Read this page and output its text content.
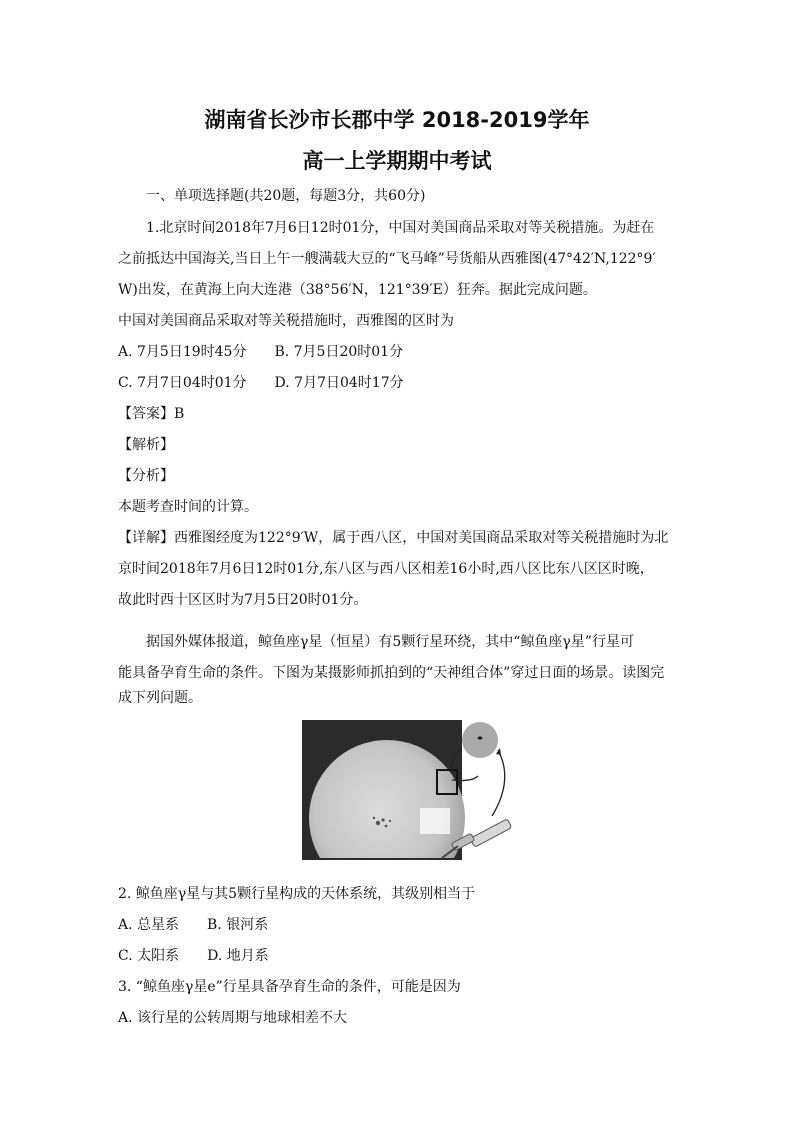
湖南省长沙市长郡中学 2018-2019学年
高一上学期期中考试
一、单项选择题(共20题，每题3分，共60分)
1.北京时间2018年7月6日12时01分，中国对美国商品采取对等关税措施。为赶在
之前抵达中国海关,当日上午一艘满载大豆的“飞马峰”号货船从西雅图(47°42′N,122°9′
W)出发，在黄海上向大连港（38°56′N，121°39′E）狂奔。据此完成问题。
中国对美国商品采取对等关税措施时，西雅图的区时为
A. 7月5日19时45分　　B. 7月5日20时01分
C. 7月7日04时01分　　D. 7月7日04时17分
【答案】B
【解析】
【分析】
本题考查时间的计算。
【详解】西雅图经度为122°9′W，属于西八区，中国对美国商品采取对等关税措施时为北
京时间2018年7月6日12时01分,东八区与西八区相差16小时,西八区比东八区区时晚，
故此时西十区区时为7月5日20时01分。
据国外媒体报道，鲸鱼座γ星（恒星）有5颗行星环绕，其中“鲸鱼座γ星”行星可
能具备孕育生命的条件。下图为某摄影师抓拍到的“天神组合体”穿过日面的场景。读图完
成下列问题。
2. 鲸鱼座γ星与其5颗行星构成的天体系统，其级别相当于
A. 总星系　　B. 银河系
C. 太阳系　　D. 地月系
3. “鲸鱼座γ星e”行星具备孕育生命的条件，可能是因为
A. 该行星的公转周期与地球相差不大
